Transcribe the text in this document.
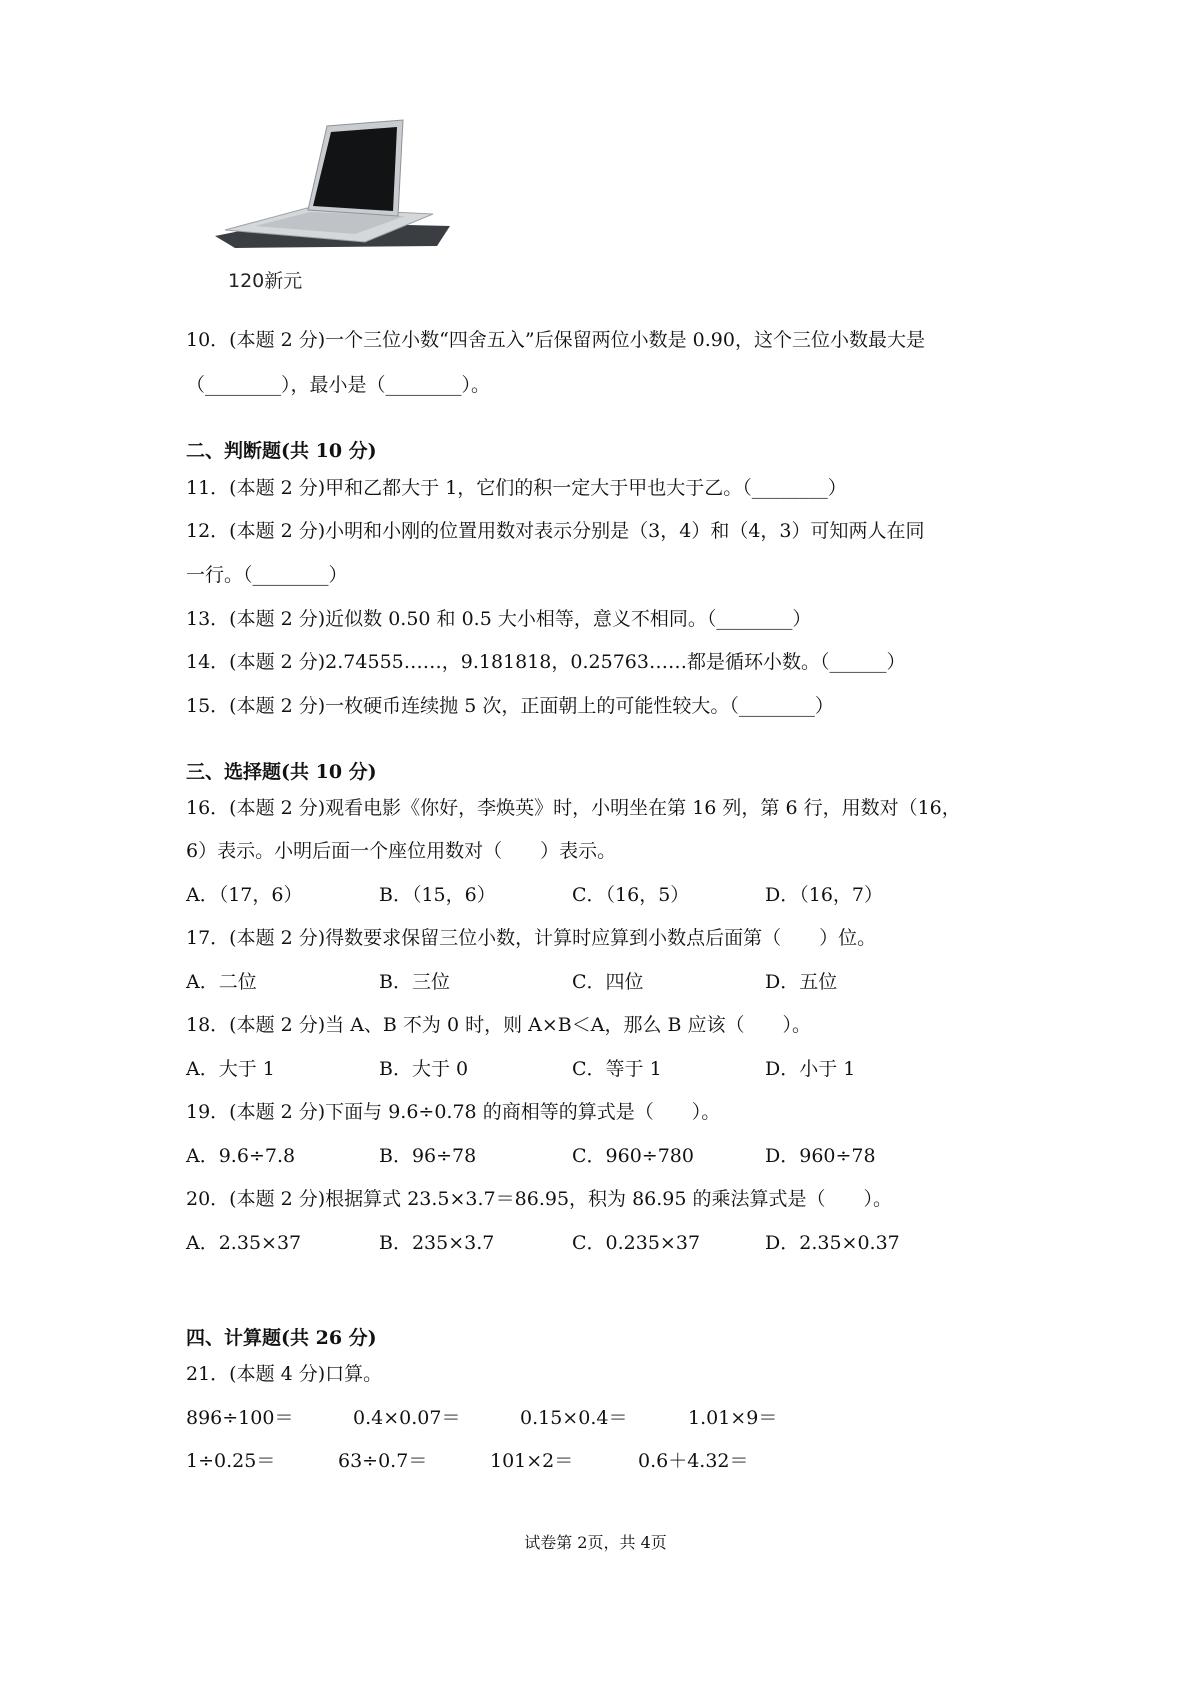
120新元
10．(本题 2 分)一个三位小数“四舍五入”后保留两位小数是 0.90，这个三位小数最大是
（________），最小是（________）。
二、判断题(共 10 分)
11．(本题 2 分)甲和乙都大于 1，它们的积一定大于甲也大于乙。（________）
12．(本题 2 分)小明和小刚的位置用数对表示分别是（3，4）和（4，3）可知两人在同
一行。（________）
13．(本题 2 分)近似数 0.50 和 0.5 大小相等，意义不相同。（________）
14．(本题 2 分)2.74555……，9.181818，0.25763……都是循环小数。（______）
15．(本题 2 分)一枚硬币连续抛 5 次，正面朝上的可能性较大。（________）
三、选择题(共 10 分)
16．(本题 2 分)观看电影《你好，李焕英》时，小明坐在第 16 列，第 6 行，用数对（16，
6）表示。小明后面一个座位用数对（　　）表示。
A．（17，6）	B．（15，6）	C．（16，5）	D．（16，7）
17．(本题 2 分)得数要求保留三位小数，计算时应算到小数点后面第（　　）位。
A．二位	B．三位	C．四位	D．五位
18．(本题 2 分)当 A、B 不为 0 时，则 A×B＜A，那么 B 应该（　　）。
A．大于 1	B．大于 0	C．等于 1	D．小于 1
19．(本题 2 分)下面与 9.6÷0.78 的商相等的算式是（　　）。
A．9.6÷7.8	B．96÷78	C．960÷780	D．960÷78
20．(本题 2 分)根据算式 23.5×3.7＝86.95，积为 86.95 的乘法算式是（　　）。
A．2.35×37	B．235×3.7	C．0.235×37	D．2.35×0.37
四、计算题(共 26 分)
21．(本题 4 分)口算。
896÷100＝	0.4×0.07＝	0.15×0.4＝	1.01×9＝
1÷0.25＝	63÷0.7＝	101×2＝	0.6＋4.32＝
试卷第 2页，共 4页
